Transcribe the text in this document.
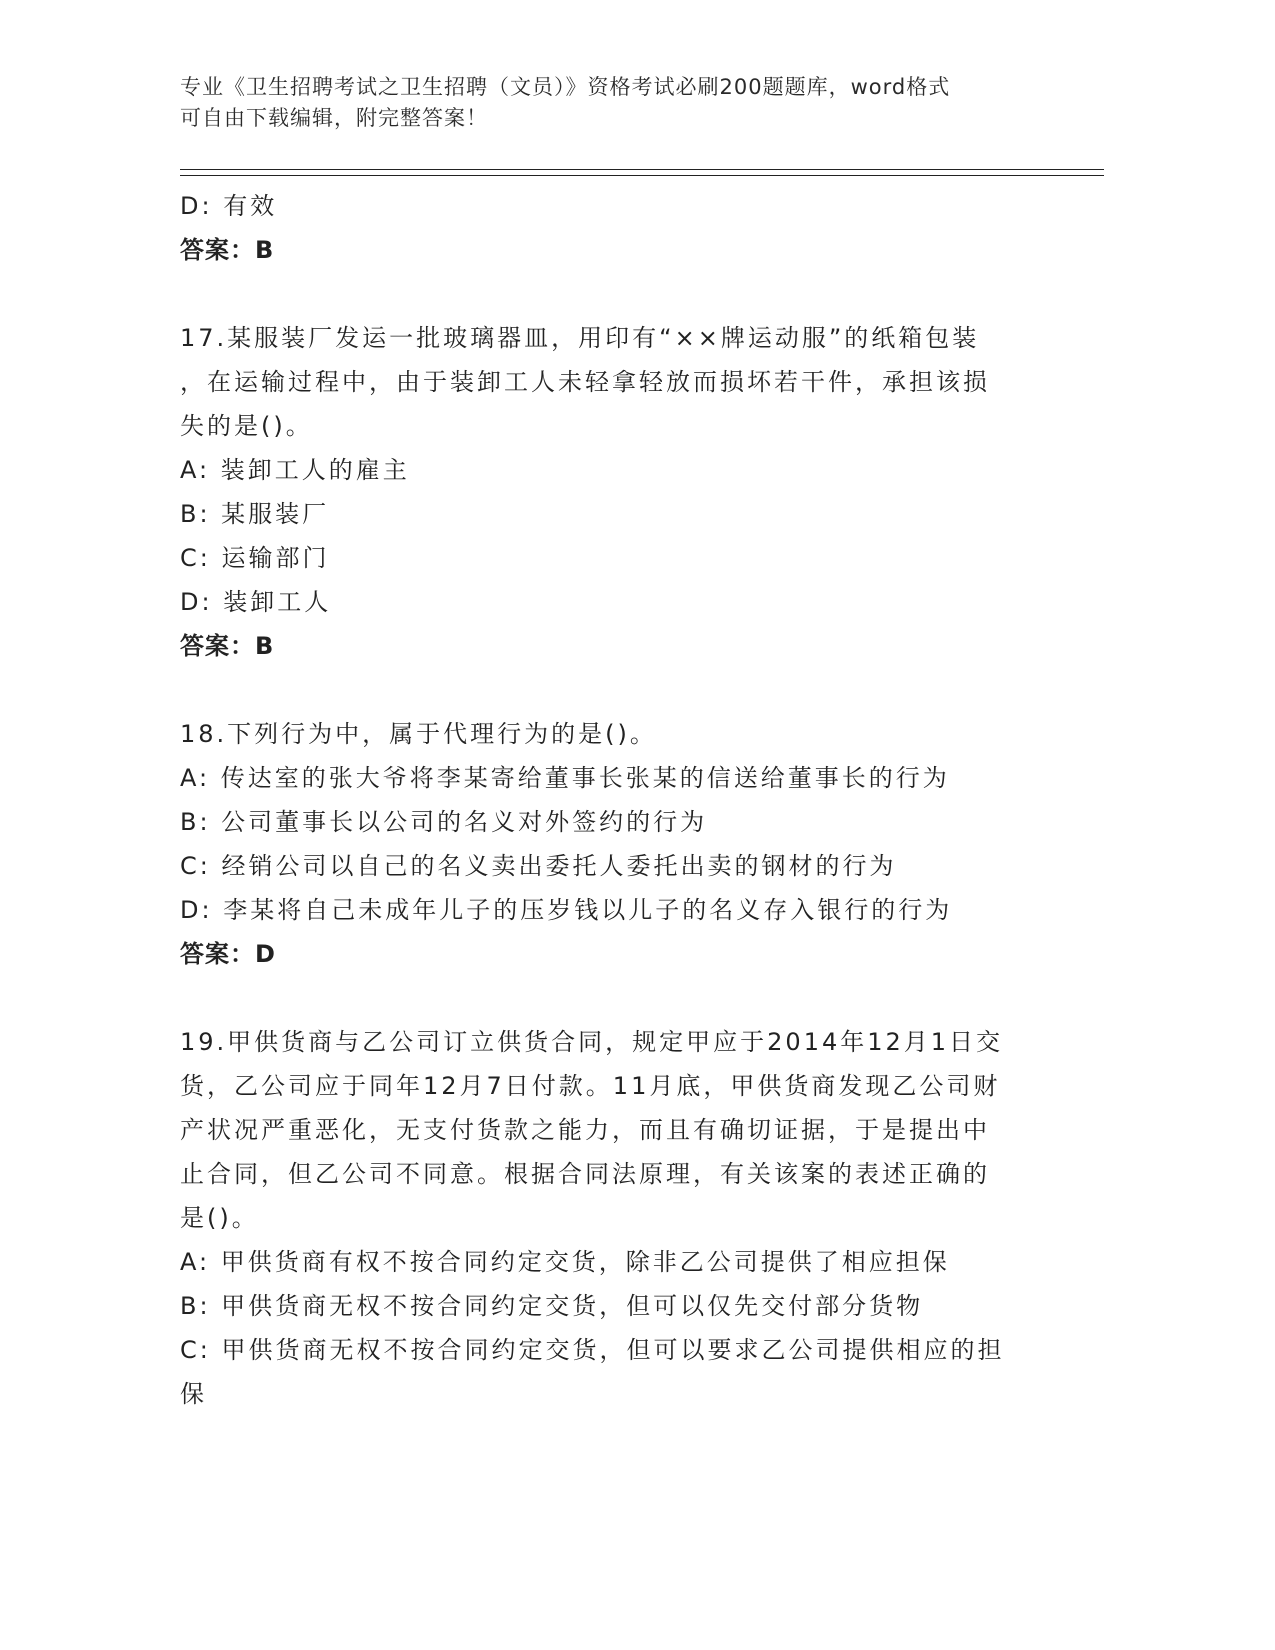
专业《卫生招聘考试之卫生招聘（文员）》资格考试必刷200题题库，word格式
可自由下载编辑，附完整答案！
D: 有效
答案：B
17.某服装厂发运一批玻璃器皿，用印有“××牌运动服”的纸箱包装
，在运输过程中，由于装卸工人未轻拿轻放而损坏若干件，承担该损
失的是()。
A: 装卸工人的雇主
B: 某服装厂
C: 运输部门
D: 装卸工人
答案：B
18.下列行为中，属于代理行为的是()。
A: 传达室的张大爷将李某寄给董事长张某的信送给董事长的行为
B: 公司董事长以公司的名义对外签约的行为
C: 经销公司以自己的名义卖出委托人委托出卖的钢材的行为
D: 李某将自己未成年儿子的压岁钱以儿子的名义存入银行的行为
答案：D
19.甲供货商与乙公司订立供货合同，规定甲应于2014年12月1日交
货，乙公司应于同年12月7日付款。11月底，甲供货商发现乙公司财
产状况严重恶化，无支付货款之能力，而且有确切证据，于是提出中
止合同，但乙公司不同意。根据合同法原理，有关该案的表述正确的
是()。
A: 甲供货商有权不按合同约定交货，除非乙公司提供了相应担保
B: 甲供货商无权不按合同约定交货，但可以仅先交付部分货物
C: 甲供货商无权不按合同约定交货，但可以要求乙公司提供相应的担
保
